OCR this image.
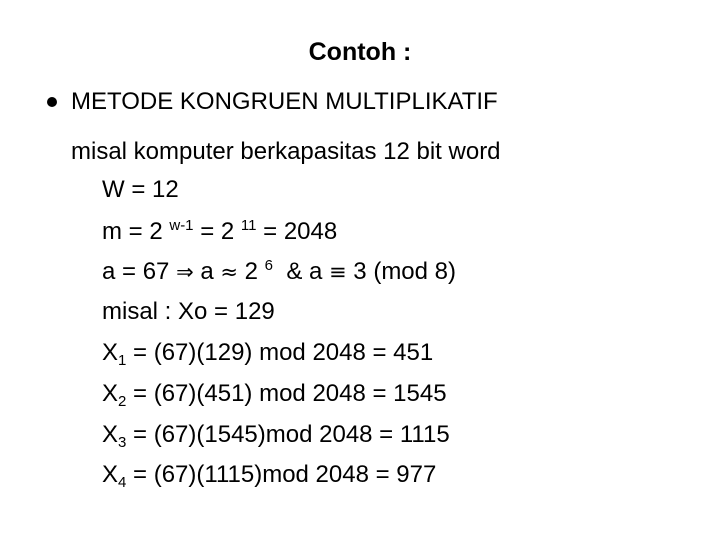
Contoh :
METODE KONGRUEN MULTIPLIKATIF
misal komputer berkapasitas 12 bit word
W = 12
m = 2 $^{w-1}$ = 2 $^{11}$ = 2048
a = 67 ⇒ a ≈ 2 $^6$  & a ≡ 3 (mod 8)
misal : Xo = 129
$X_1 = (67)(129)$ mod 2048 = 451
$X_2 = (67)(451)$ mod 2048 = 1545
$X_3 = (67)(1545)mod$ 2048 = 1115
$X_4 = (67)(1115)mod$ 2048 = 977
